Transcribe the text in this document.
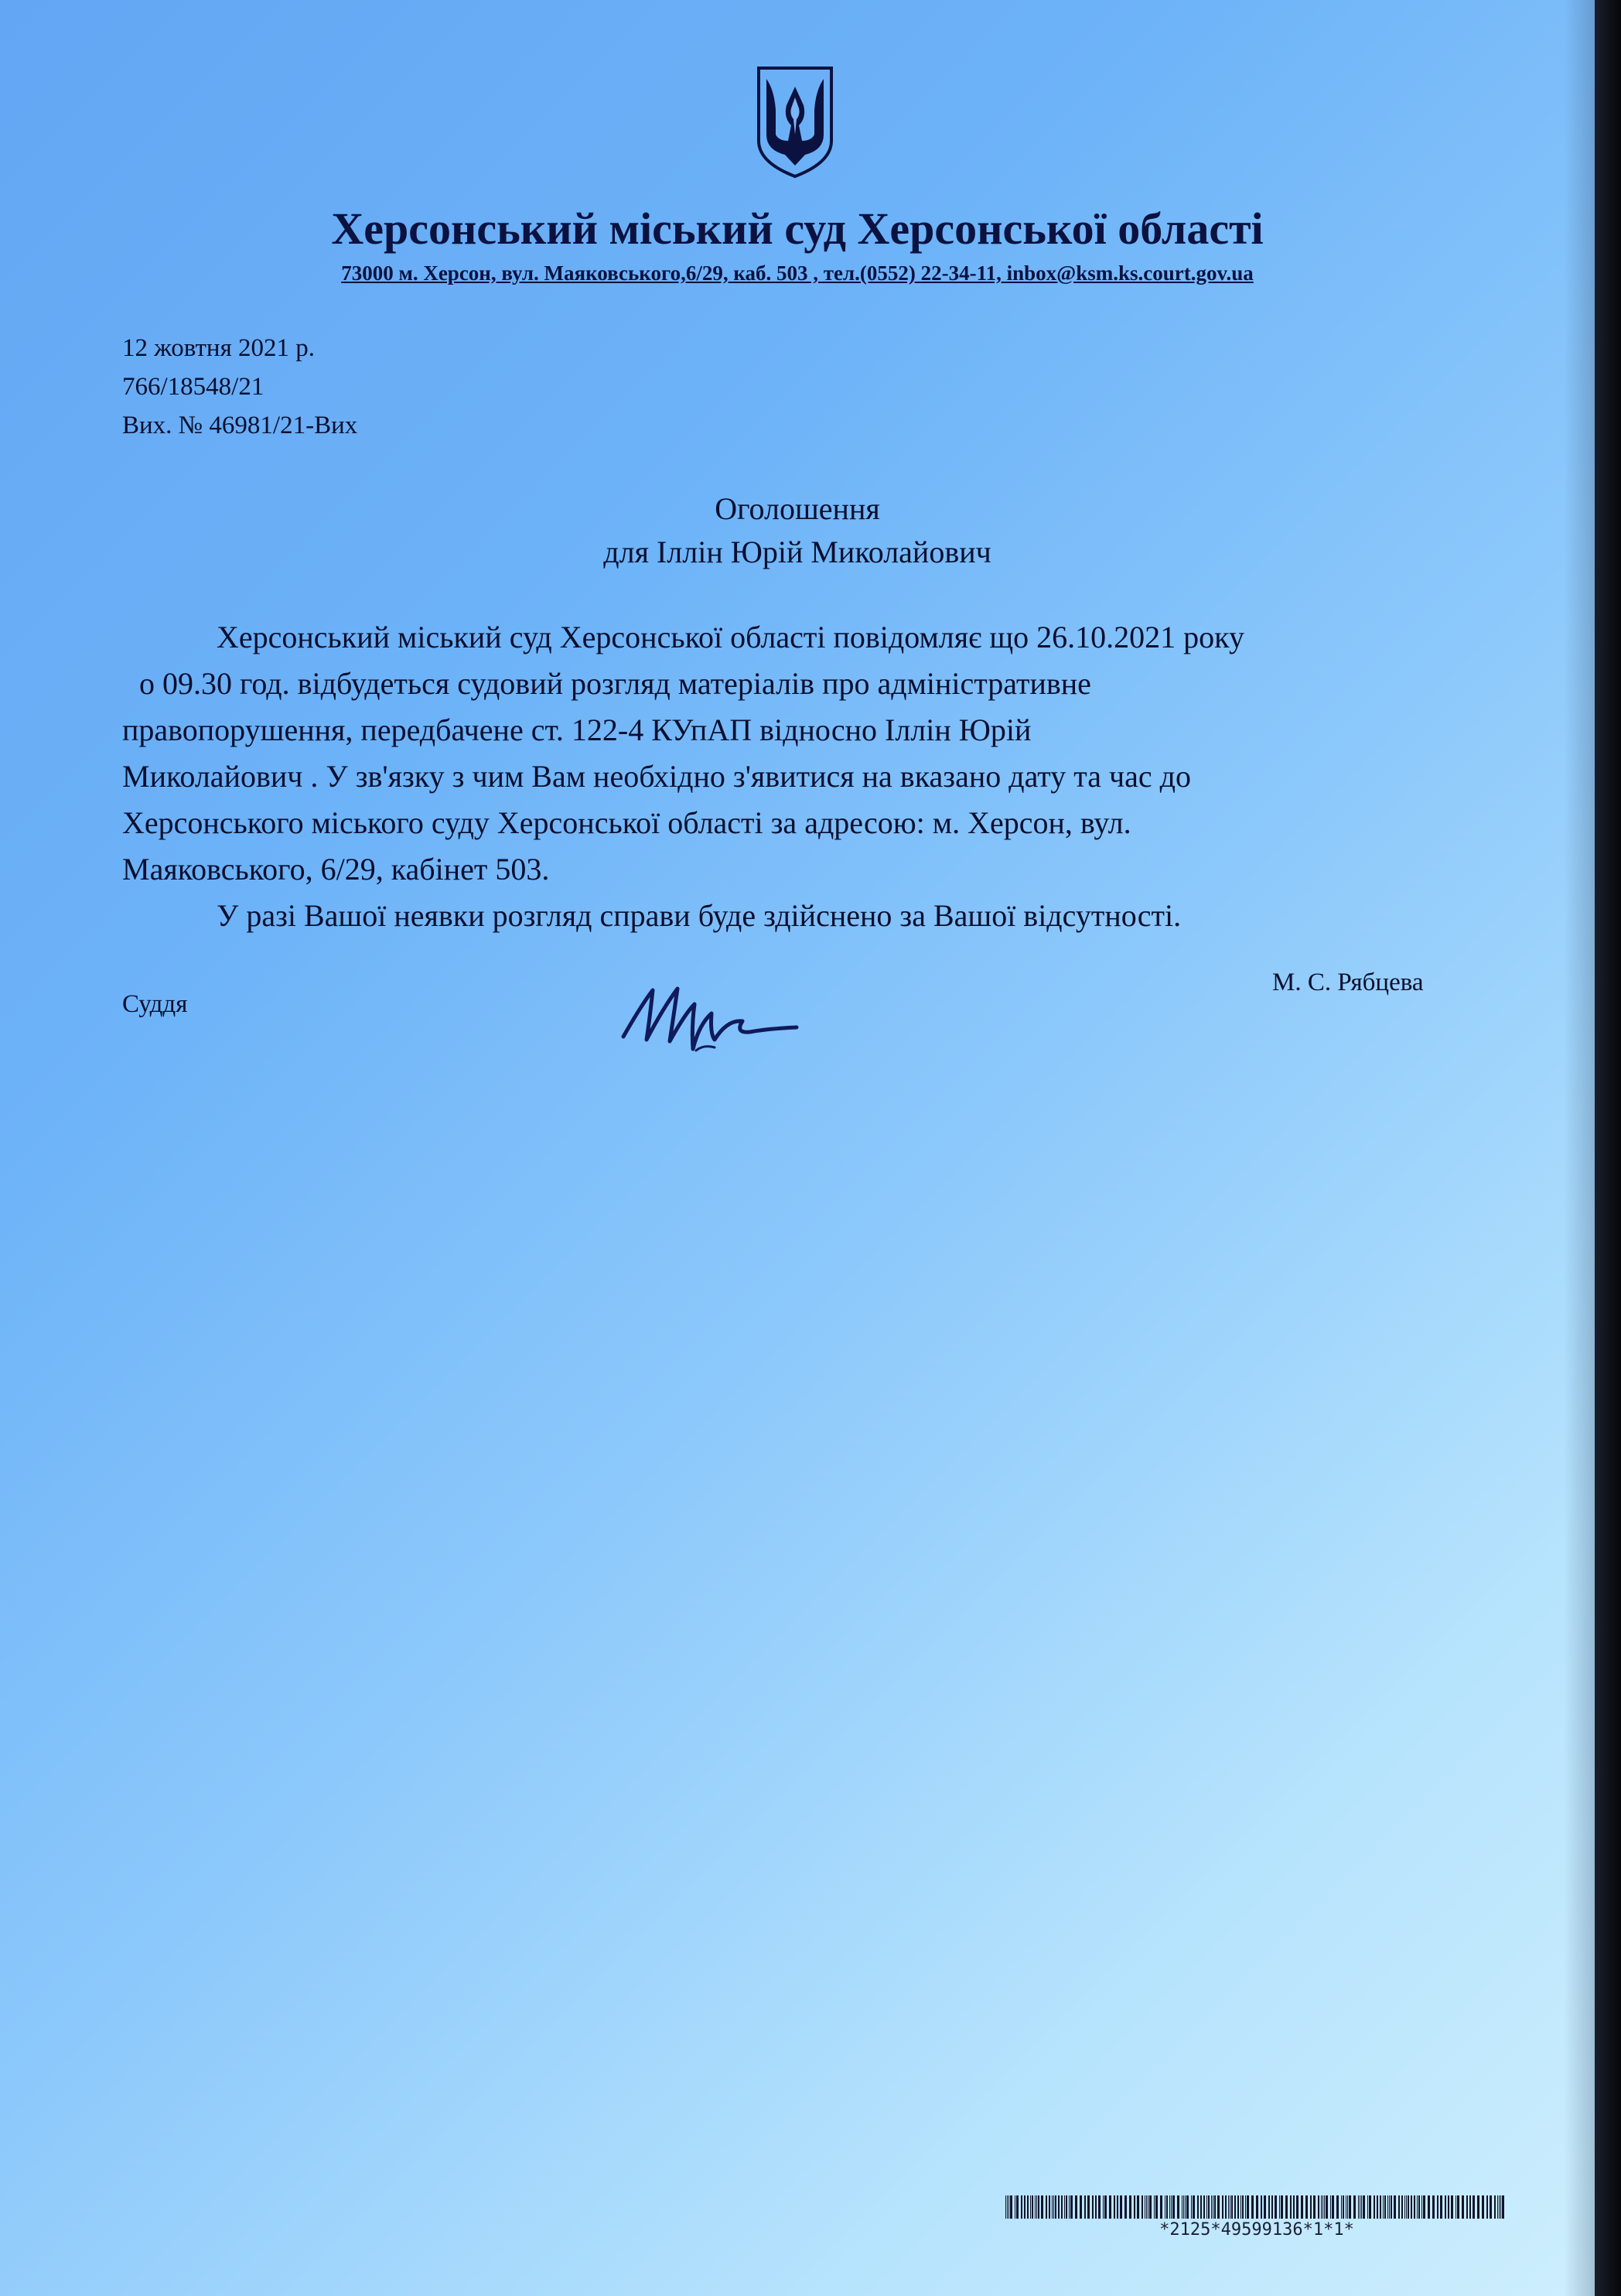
Херсонський міський суд Херсонської області
73000 м. Херсон, вул. Маяковського,6/29, каб. 503 , тел.(0552) 22-34-11, inbox@ksm.ks.court.gov.ua
12 жовтня 2021 р.
766/18548/21
Вих. № 46981/21-Вих
Оголошення
для Іллін Юрій Миколайович
Херсонський міський суд Херсонської області повідомляє що 26.10.2021 року
о 09.30 год. відбудеться судовий розгляд матеріалів про адміністративне
правопорушення, передбачене ст. 122-4 КУпАП відносно Іллін Юрій
Миколайович . У зв'язку з чим Вам необхідно з'явитися на вказано дату та час до
Херсонського міського суду Херсонської області за адресою: м. Херсон, вул.
Маяковського, 6/29, кабінет 503.
У разі Вашої неявки розгляд справи буде здійснено за Вашої відсутності.
Суддя
М. С. Рябцева
*2125*49599136*1*1*
